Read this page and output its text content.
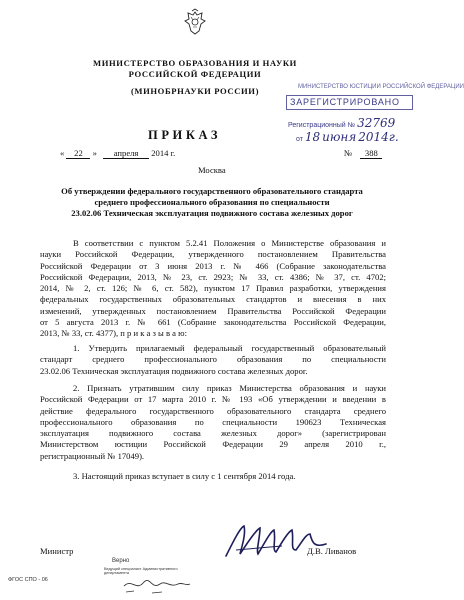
МИНИСТЕРСТВО ОБРАЗОВАНИЯ И НАУКИ
РОССИЙСКОЙ ФЕДЕРАЦИИ
(МИНОБРНАУКИ РОССИИ)	МИНИСТЕРСТВО ЮСТИЦИИ РОССИЙСКОЙ ФЕДЕРАЦИИ
ЗАРЕГИСТРИРОВАНО
Регистрационный № 32769
от 18 июня 2014г.
ПРИКАЗ
« 22 » апреля 2014 г.	№ 388
Москва
Об утверждении федерального государственного образовательного стандарта
среднего профессионального образования по специальности
23.02.06 Техническая эксплуатация подвижного состава железных дорог
В соответствии с пунктом 5.2.41 Положения о Министерстве образования и
науки Российской Федерации, утвержденного постановлением Правительства
Российской Федерации от 3 июня 2013 г. № 466 (Собрание законодательства
Российской Федерации, 2013, № 23, ст. 2923; № 33, ст. 4386; № 37, ст. 4702;
2014, № 2, ст. 126; № 6, ст. 582), пунктом 17 Правил разработки, утверждения
федеральных государственных образовательных стандартов и внесения в них
изменений, утвержденных постановлением Правительства Российской Федерации
от 5 августа 2013 г. № 661 (Собрание законодательства Российской Федерации,
2013, № 33, ст. 4377), п р и к а з ы в а ю:
1. Утвердить прилагаемый федеральный государственный образовательный
стандарт среднего профессионального образования по специальности
23.02.06 Техническая эксплуатация подвижного состава железных дорог.
2. Признать утратившим силу приказ Министерства образования и науки
Российской Федерации от 17 марта 2010 г. № 193 «Об утверждении и введении в
действие федерального государственного образовательного стандарта среднего
профессионального образования по специальности 190623 Техническая
эксплуатация подвижного состава железных дорог» (зарегистрирован
Министерством юстиции Российской Федерации 29 апреля 2010 г.,
регистрационный № 17049).
3. Настоящий приказ вступает в силу с 1 сентября 2014 года.
Министр	Д.В. Ливанов
ФГОС СПО - 06
Верно
Ведущий специалист Административного департамента
